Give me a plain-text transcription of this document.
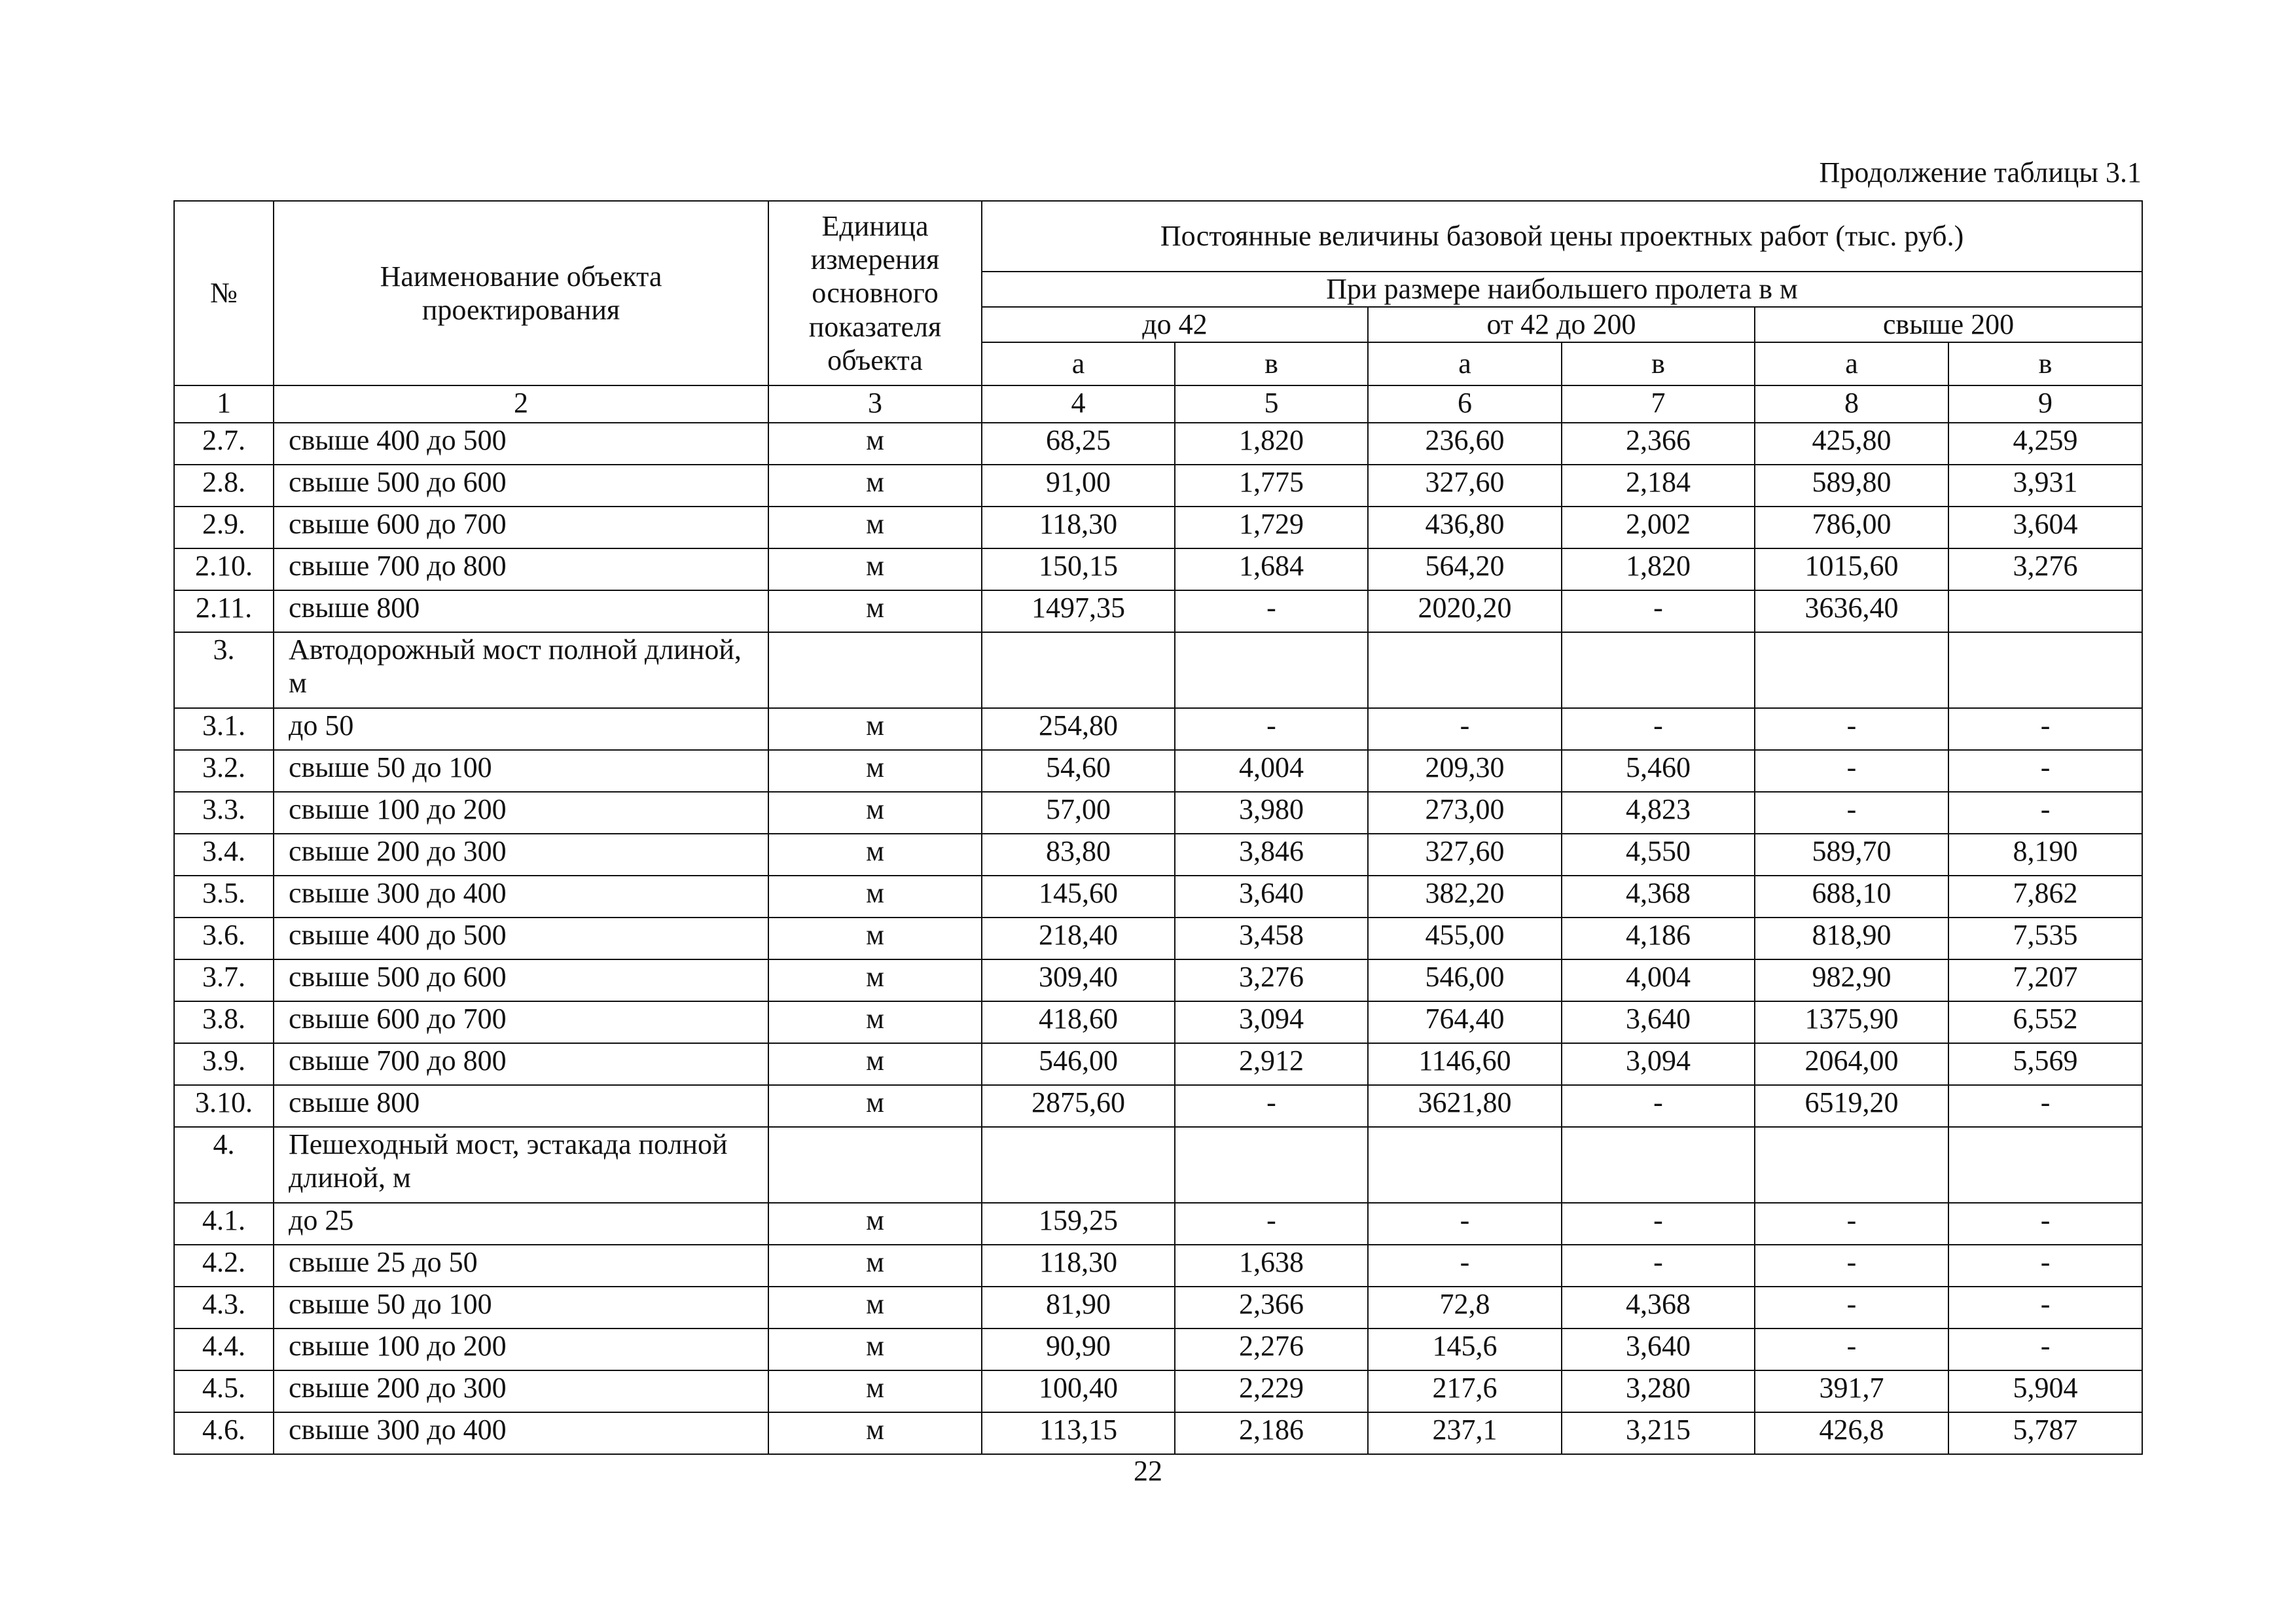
Продолжение таблицы 3.1
№	Наименование объекта проектирования	Единица измерения основного показателя объекта	Постоянные величины базовой цены проектных работ (тыс. руб.)					
			При размере наибольшего пролета в м					
			до 42		от 42 до 200		свыше 200	
			а	в	а	в	а	в
1	2	3	4	5	6	7	8	9
2.7.	свыше 400 до 500	м	68,25	1,820	236,60	2,366	425,80	4,259
2.8.	свыше 500 до 600	м	91,00	1,775	327,60	2,184	589,80	3,931
2.9.	свыше 600 до 700	м	118,30	1,729	436,80	2,002	786,00	3,604
2.10.	свыше 700 до 800	м	150,15	1,684	564,20	1,820	1015,60	3,276
2.11.	свыше 800	м	1497,35	-	2020,20	-	3636,40	
3.	Автодорожный мост полной длиной, м							
3.1.	до 50	м	254,80	-	-	-	-	-
3.2.	свыше 50 до 100	м	54,60	4,004	209,30	5,460	-	-
3.3.	свыше 100 до 200	м	57,00	3,980	273,00	4,823	-	-
3.4.	свыше 200 до 300	м	83,80	3,846	327,60	4,550	589,70	8,190
3.5.	свыше 300 до 400	м	145,60	3,640	382,20	4,368	688,10	7,862
3.6.	свыше 400 до 500	м	218,40	3,458	455,00	4,186	818,90	7,535
3.7.	свыше 500 до 600	м	309,40	3,276	546,00	4,004	982,90	7,207
3.8.	свыше 600 до 700	м	418,60	3,094	764,40	3,640	1375,90	6,552
3.9.	свыше 700 до 800	м	546,00	2,912	1146,60	3,094	2064,00	5,569
3.10.	свыше 800	м	2875,60	-	3621,80	-	6519,20	-
4.	Пешеходный мост, эстакада полной длиной, м							
4.1.	до 25	м	159,25	-	-	-	-	-
4.2.	свыше 25 до 50	м	118,30	1,638	-	-	-	-
4.3.	свыше 50 до 100	м	81,90	2,366	72,8	4,368	-	-
4.4.	свыше 100 до 200	м	90,90	2,276	145,6	3,640	-	-
4.5.	свыше 200 до 300	м	100,40	2,229	217,6	3,280	391,7	5,904
4.6.	свыше 300 до 400	м	113,15	2,186	237,1	3,215	426,8	5,787
22
